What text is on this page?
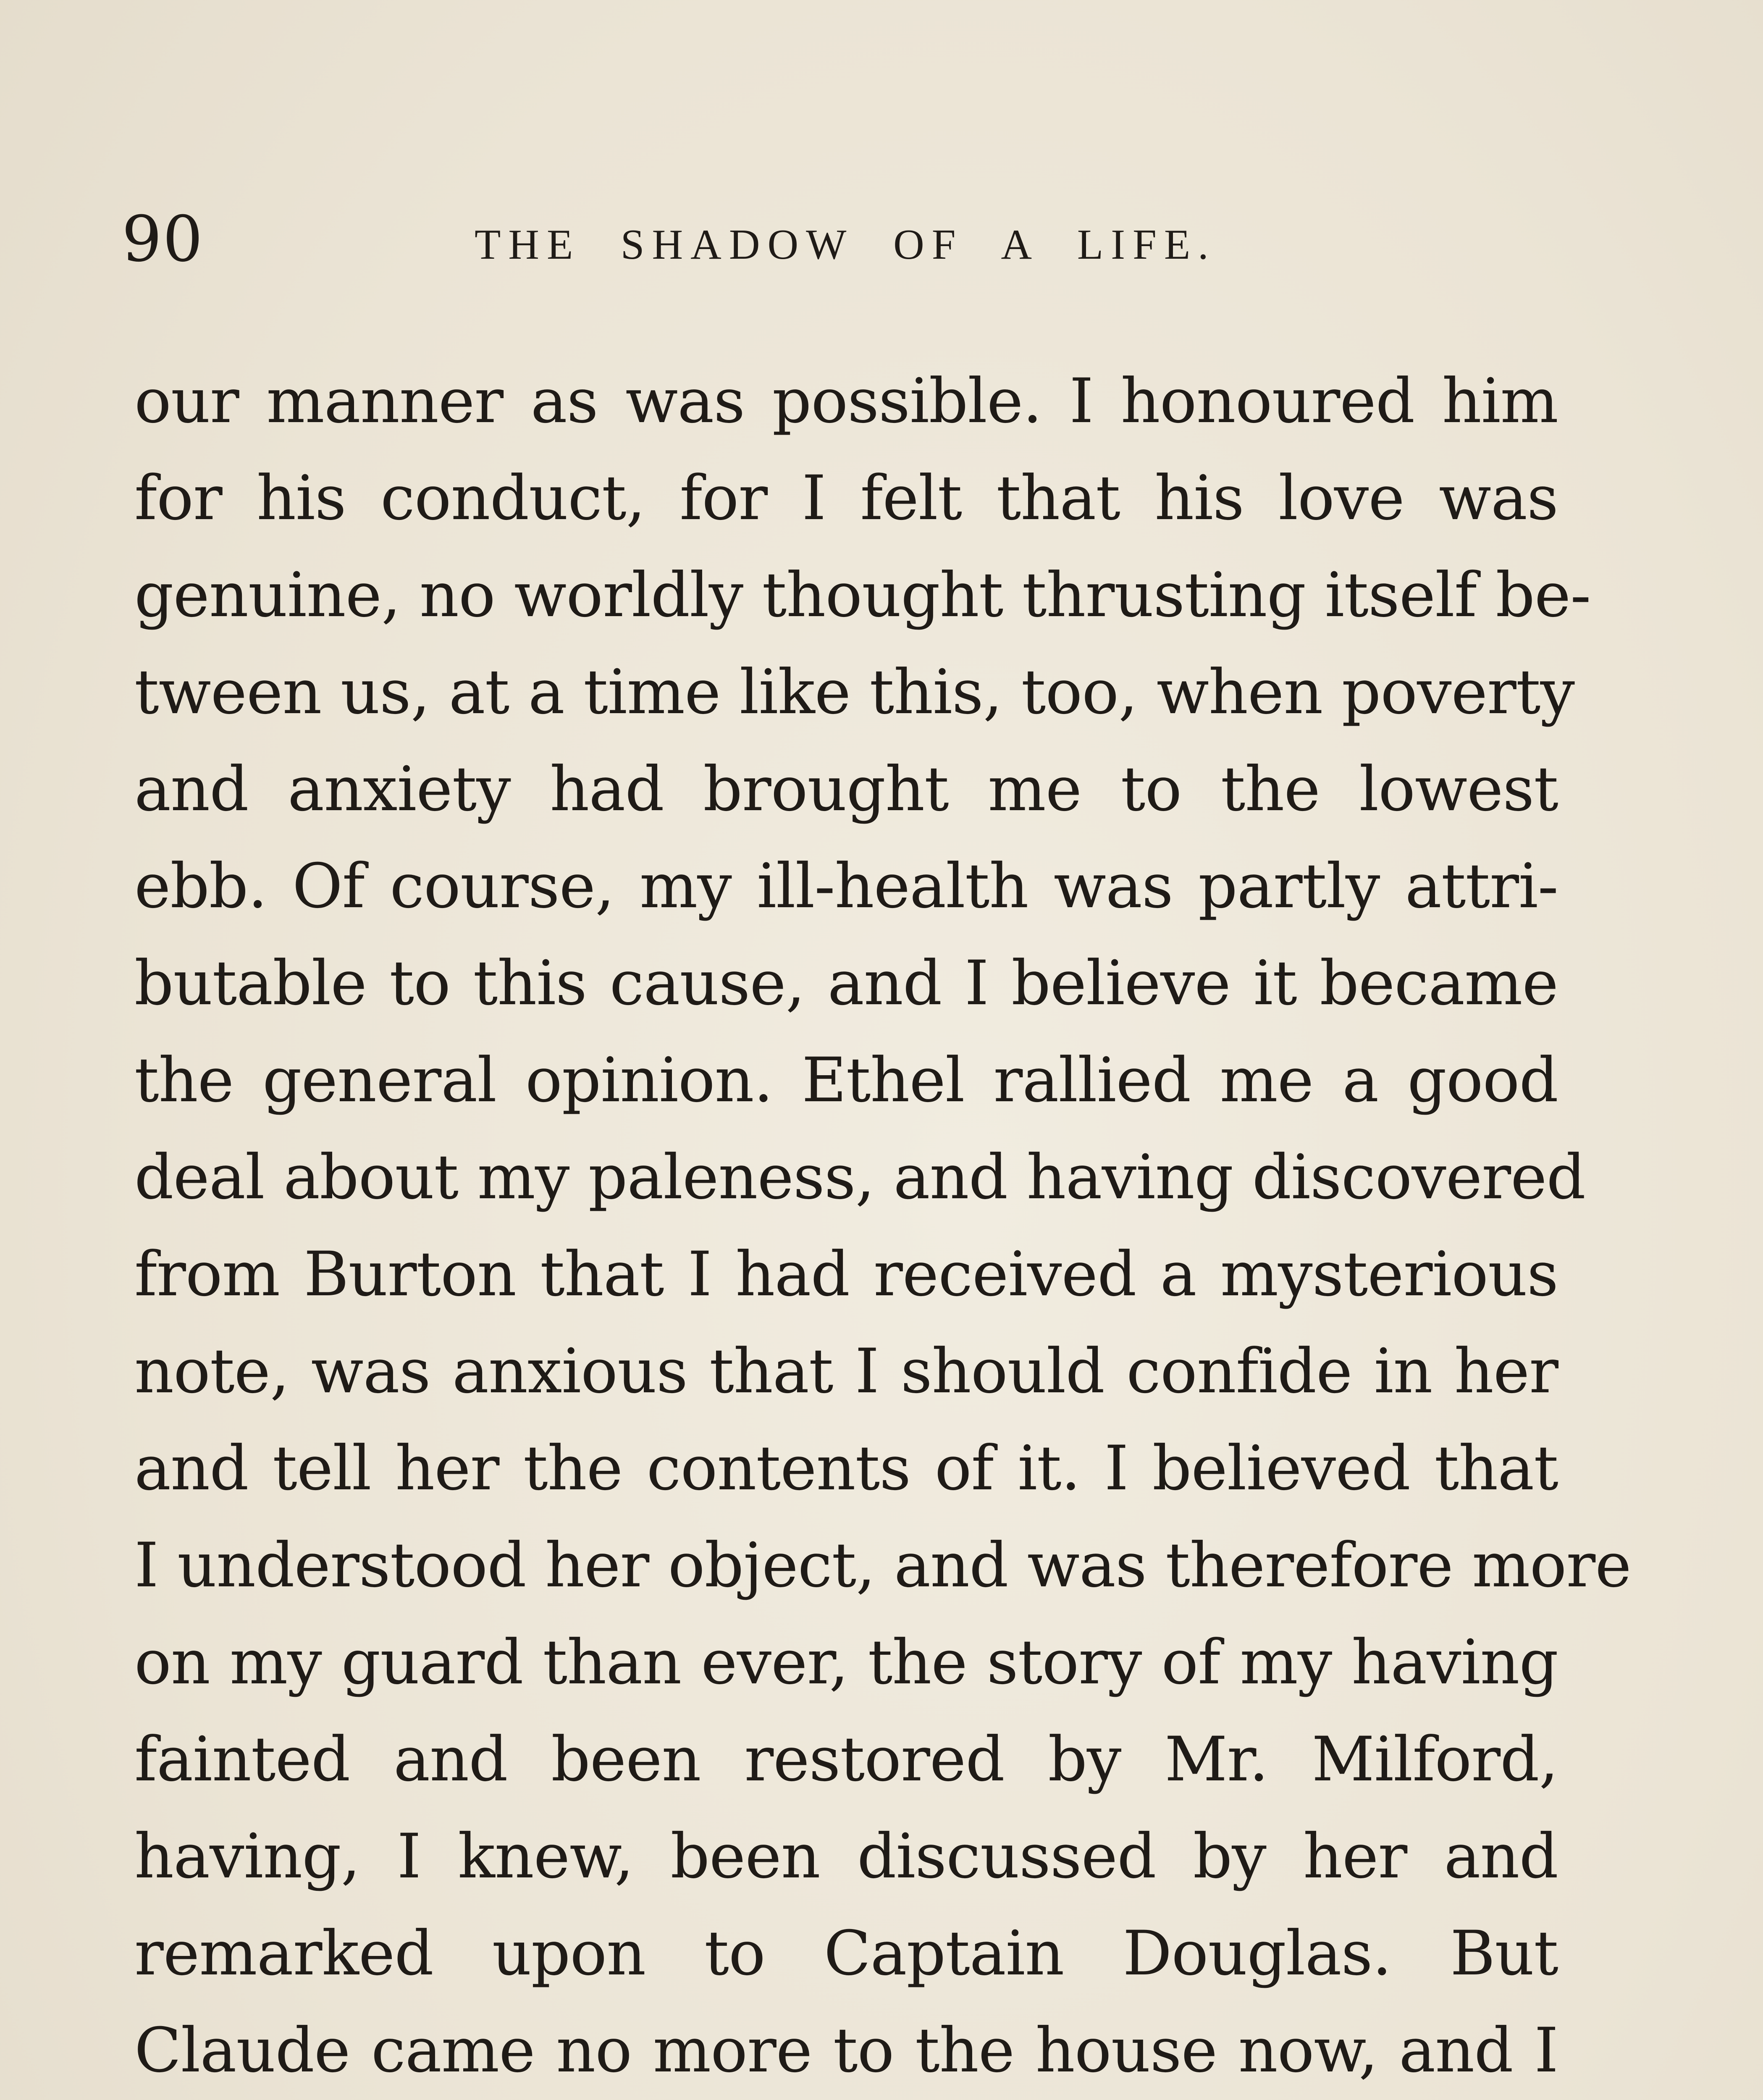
90	THE SHADOW OF A LIFE.
our manner as was possible. I honoured him
for his conduct, for I felt that his love was
genuine, no worldly thought thrusting itself be-
tween us, at a time like this, too, when poverty
and anxiety had brought me to the lowest
ebb. Of course, my ill-health was partly attri-
butable to this cause, and I believe it became
the general opinion. Ethel rallied me a good
deal about my paleness, and having discovered
from Burton that I had received a mysterious
note, was anxious that I should confide in her
and tell her the contents of it. I believed that
I understood her object, and was therefore more
on my guard than ever, the story of my having
fainted and been restored by Mr. Milford,
having, I knew, been discussed by her and
remarked upon to Captain Douglas. But
Claude came no more to the house now, and I
